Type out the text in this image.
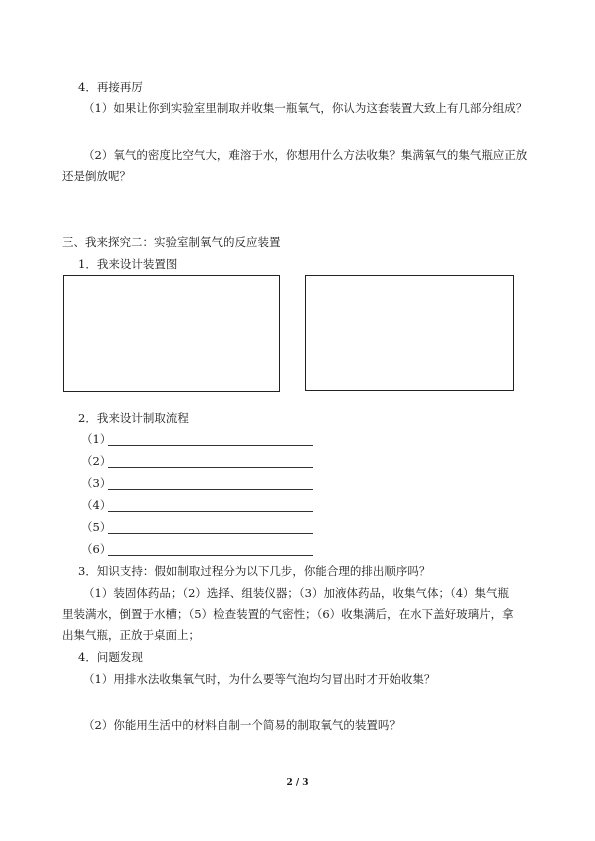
4．再接再厉
（1）如果让你到实验室里制取并收集一瓶氧气，你认为这套装置大致上有几部分组成？
（2）氧气的密度比空气大，难溶于水，你想用什么方法收集？集满氧气的集气瓶应正放
还是倒放呢？
三、我来探究二：实验室制氧气的反应装置
1．我来设计装置图
2．我来设计制取流程
（1）
（2）
（3）
（4）
（5）
（6）
3．知识支持：假如制取过程分为以下几步，你能合理的排出顺序吗？
（1）装固体药品；（2）选择、组装仪器；（3）加液体药品，收集气体；（4）集气瓶
里装满水，倒置于水槽；（5）检查装置的气密性；（6）收集满后，在水下盖好玻璃片，拿
出集气瓶，正放于桌面上；
4．问题发现
（1）用排水法收集氧气时，为什么要等气泡均匀冒出时才开始收集？
（2）你能用生活中的材料自制一个简易的制取氧气的装置吗？
2 / 3
